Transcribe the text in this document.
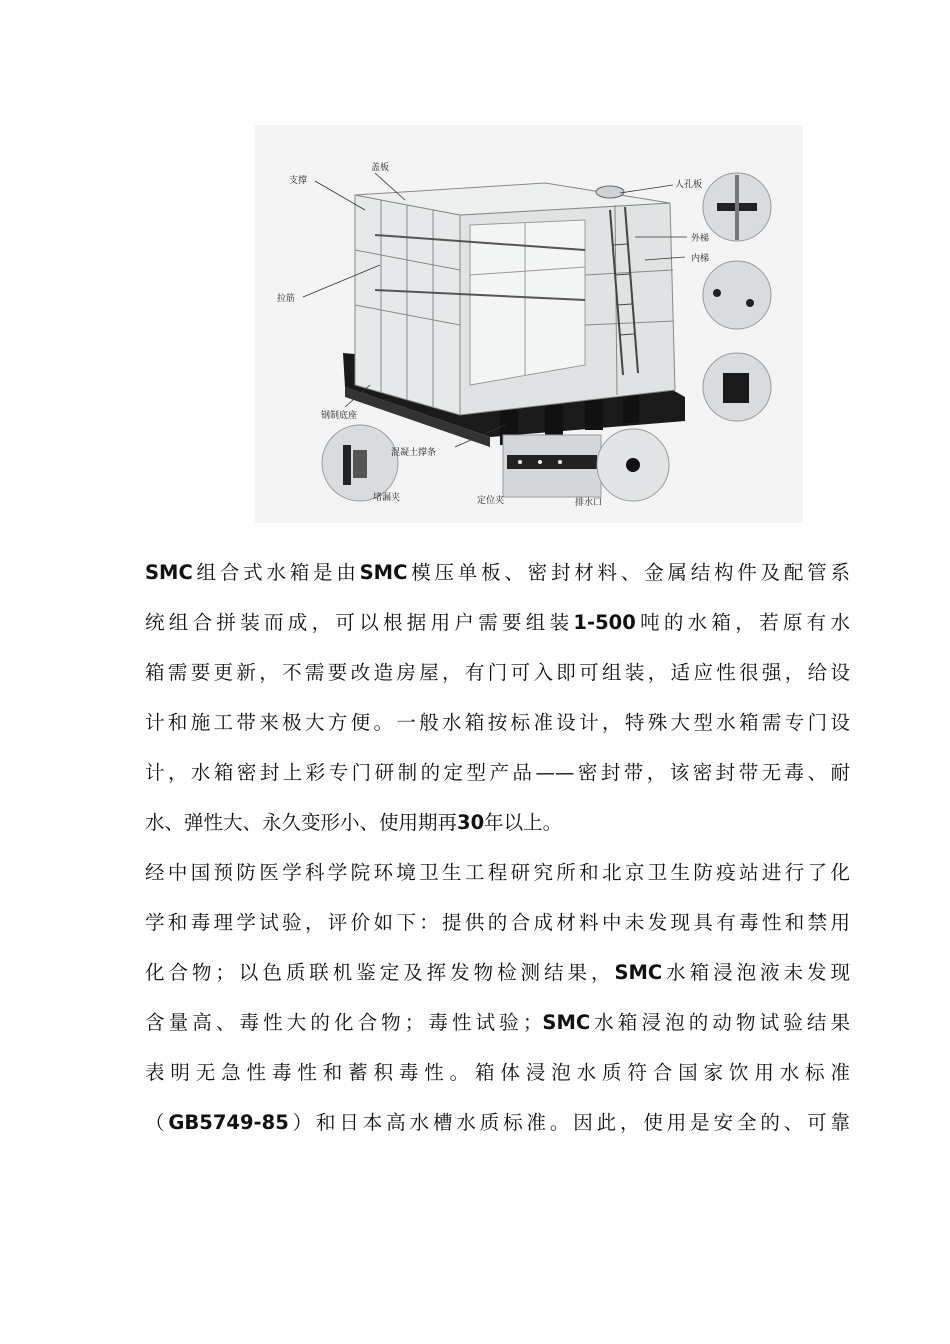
盖板
支撑	人孔板
外梯
内梯
拉筋
钢制底座
混凝土撑条
堵漏夹	定位夹	排水口

SMC组合式水箱是由SMC模压单板、密封材料、金属结构件及配管系
统组合拼装而成，可以根据用户需要组装1-500吨的水箱，若原有水
箱需要更新，不需要改造房屋，有门可入即可组装，适应性很强，给设
计和施工带来极大方便。一般水箱按标准设计，特殊大型水箱需专门设
计，水箱密封上彩专门研制的定型产品——密封带，该密封带无毒、耐
水、弹性大、永久变形小、使用期再30年以上。

经中国预防医学科学院环境卫生工程研究所和北京卫生防疫站进行了化
学和毒理学试验，评价如下：提供的合成材料中未发现具有毒性和禁用
化合物；以色质联机鉴定及挥发物检测结果，SMC水箱浸泡液未发现
含量高、毒性大的化合物；毒性试验；SMC水箱浸泡的动物试验结果
表明无急性毒性和蓄积毒性。箱体浸泡水质符合国家饮用水标准
（GB5749-85）和日本高水槽水质标准。因此，使用是安全的、可靠
